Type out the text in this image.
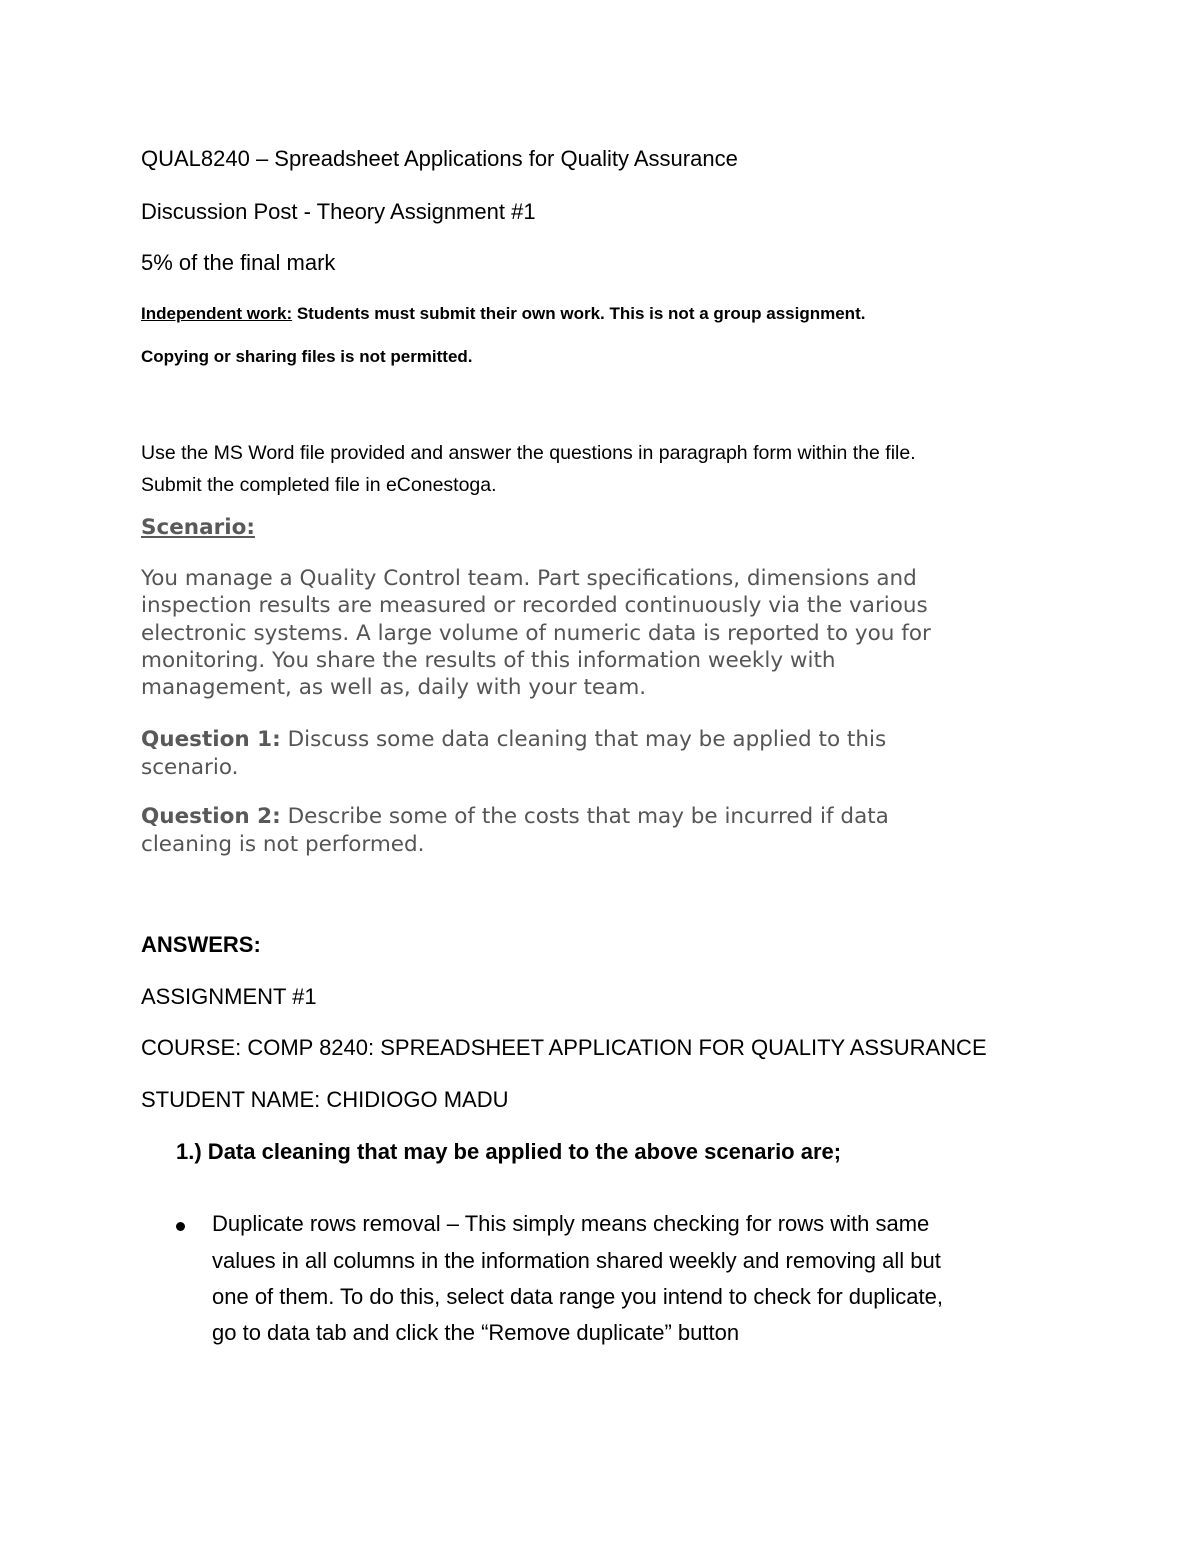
QUAL8240 – Spreadsheet Applications for Quality Assurance
Discussion Post - Theory Assignment #1
5% of the final mark
Independent work: Students must submit their own work. This is not a group assignment.
Copying or sharing files is not permitted.
Use the MS Word file provided and answer the questions in paragraph form within the file.
Submit the completed file in eConestoga.
Scenario:
You manage a Quality Control team. Part specifications, dimensions and
inspection results are measured or recorded continuously via the various
electronic systems. A large volume of numeric data is reported to you for
monitoring. You share the results of this information weekly with
management, as well as, daily with your team.
Question 1: Discuss some data cleaning that may be applied to this
scenario.
Question 2: Describe some of the costs that may be incurred if data
cleaning is not performed.
ANSWERS:
ASSIGNMENT #1
COURSE: COMP 8240: SPREADSHEET APPLICATION FOR QUALITY ASSURANCE
STUDENT NAME: CHIDIOGO MADU
1.) Data cleaning that may be applied to the above scenario are;
Duplicate rows removal – This simply means checking for rows with same
values in all columns in the information shared weekly and removing all but
one of them. To do this, select data range you intend to check for duplicate,
go to data tab and click the “Remove duplicate” button
